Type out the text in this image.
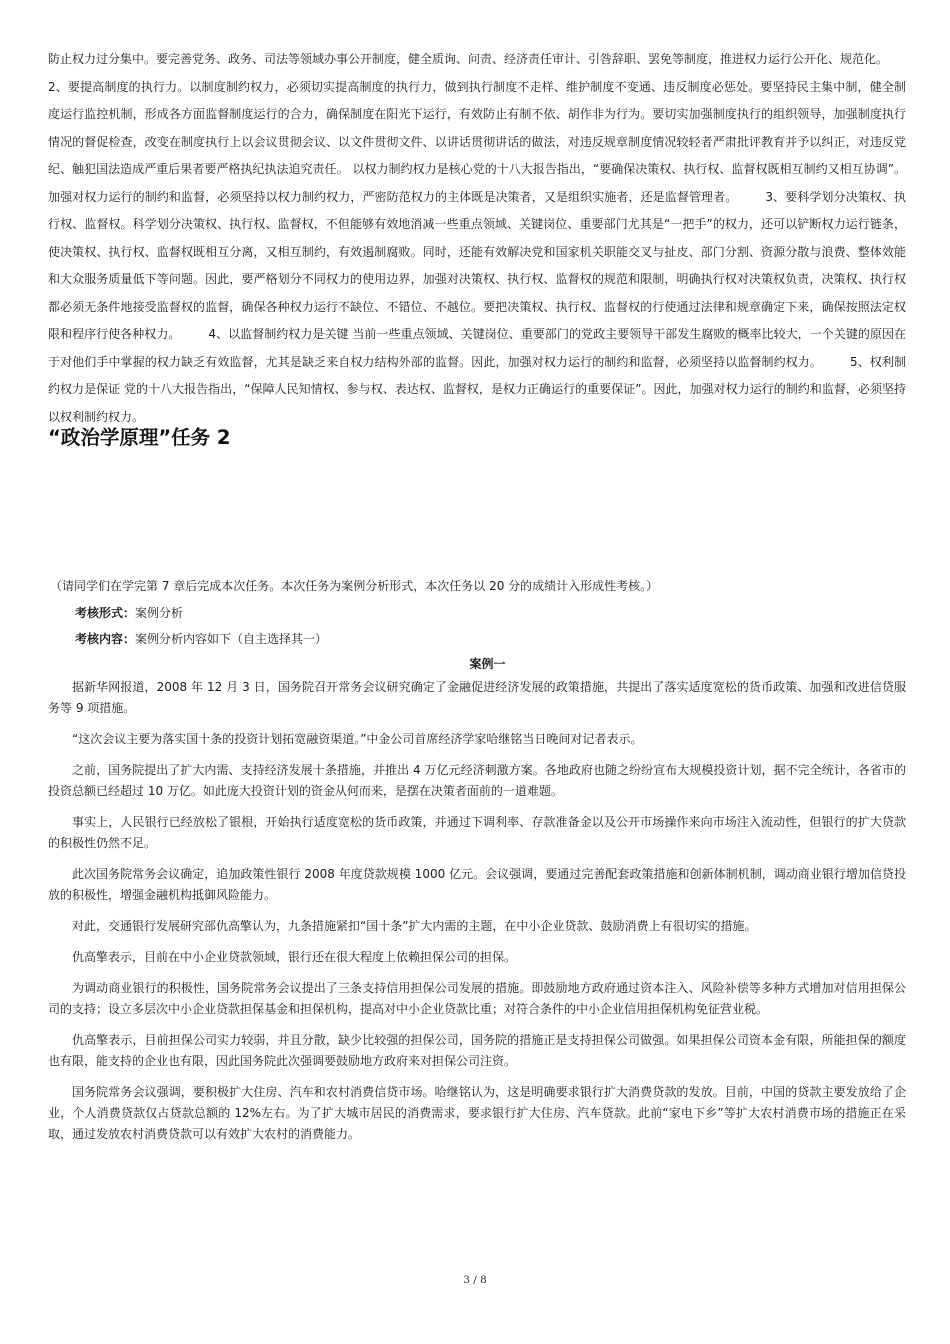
防止权力过分集中。要完善党务、政务、司法等领域办事公开制度，健全质询、问责、经济责任审计、引咎辞职、罢免等制度，推进权力运行公开化、规范化。
2、要提高制度的执行力。以制度制约权力，必须切实提高制度的执行力，做到执行制度不走样、维护制度不变通、违反制度必惩处。要坚持民主集中制，健全制度运行监控机制，形成各方面监督制度运行的合力，确保制度在阳光下运行，有效防止有制不依、胡作非为行为。要切实加强制度执行的组织领导，加强制度执行情况的督促检查，改变在制度执行上以会议贯彻会议、以文件贯彻文件、以讲话贯彻讲话的做法，对违反规章制度情况较轻者严肃批评教育并予以纠正，对违反党纪、触犯国法造成严重后果者要严格执纪执法追究责任。 以权力制约权力是核心党的十八大报告指出，“要确保决策权、执行权、监督权既相互制约又相互协调”。加强对权力运行的制约和监督，必须坚持以权力制约权力，严密防范权力的主体既是决策者，又是组织实施者，还是监督管理者。 3、要科学划分决策权、执行权、监督权。科学划分决策权、执行权、监督权，不但能够有效地消减一些重点领域、关键岗位、重要部门尤其是“一把手”的权力，还可以铲断权力运行链条，使决策权、执行权、监督权既相互分离，又相互制约，有效遏制腐败。同时，还能有效解决党和国家机关职能交叉与扯皮、部门分割、资源分散与浪费、整体效能和大众服务质量低下等问题。因此，要严格划分不同权力的使用边界，加强对决策权、执行权、监督权的规范和限制，明确执行权对决策权负责，决策权、执行权都必须无条件地接受监督权的监督，确保各种权力运行不缺位、不错位、不越位。要把决策权、执行权、监督权的行使通过法律和规章确定下来，确保按照法定权限和程序行使各种权力。 4、以监督制约权力是关键 当前一些重点领域、关键岗位、重要部门的党政主要领导干部发生腐败的概率比较大，一个关键的原因在于对他们手中掌握的权力缺乏有效监督，尤其是缺乏来自权力结构外部的监督。因此，加强对权力运行的制约和监督，必须坚持以监督制约权力。 5、权利制约权力是保证 党的十八大报告指出，“保障人民知情权、参与权、表达权、监督权，是权力正确运行的重要保证”。因此，加强对权力运行的制约和监督，必须坚持以权利制约权力。
“政治学原理”任务 2
（请同学们在学完第 7 章后完成本次任务。本次任务为案例分析形式，本次任务以 20 分的成绩计入形成性考核。）
考核形式：案例分析
考核内容：案例分析内容如下（自主选择其一）
案例一

据新华网报道，2008 年 12 月 3 日，国务院召开常务会议研究确定了金融促进经济发展的政策措施，共提出了落实适度宽松的货币政策、加强和改进信贷服务等 9 项措施。

“这次会议主要为落实国十条的投资计划拓宽融资渠道。”中金公司首席经济学家哈继铭当日晚间对记者表示。

之前，国务院提出了扩大内需、支持经济发展十条措施，并推出 4 万亿元经济刺激方案。各地政府也随之纷纷宣布大规模投资计划，据不完全统计，各省市的投资总额已经超过 10 万亿。如此庞大投资计划的资金从何而来，是摆在决策者面前的一道难题。

事实上，人民银行已经放松了银根，开始执行适度宽松的货币政策，并通过下调利率、存款准备金以及公开市场操作来向市场注入流动性，但银行的扩大贷款的积极性仍然不足。

此次国务院常务会议确定，追加政策性银行 2008 年度贷款规模 1000 亿元。会议强调，要通过完善配套政策措施和创新体制机制，调动商业银行增加信贷投放的积极性，增强金融机构抵御风险能力。

对此，交通银行发展研究部仇高擎认为，九条措施紧扣“国十条”扩大内需的主题，在中小企业贷款、鼓励消费上有很切实的措施。

仇高擎表示，目前在中小企业贷款领域，银行还在很大程度上依赖担保公司的担保。

为调动商业银行的积极性，国务院常务会议提出了三条支持信用担保公司发展的措施。即鼓励地方政府通过资本注入、风险补偿等多种方式增加对信用担保公司的支持；设立多层次中小企业贷款担保基金和担保机构，提高对中小企业贷款比重；对符合条件的中小企业信用担保机构免征营业税。

仇高擎表示，目前担保公司实力较弱，并且分散，缺少比较强的担保公司，国务院的措施正是支持担保公司做强。如果担保公司资本金有限，所能担保的额度也有限，能支持的企业也有限，因此国务院此次强调要鼓励地方政府来对担保公司注资。

国务院常务会议强调，要积极扩大住房、汽车和农村消费信贷市场。哈继铭认为，这是明确要求银行扩大消费贷款的发放。目前，中国的贷款主要发放给了企业，个人消费贷款仅占贷款总额的 12%左右。为了扩大城市居民的消费需求，要求银行扩大住房、汽车贷款。此前“家电下乡”等扩大农村消费市场的措施正在采取，通过发放农村消费贷款可以有效扩大农村的消费能力。

3 / 8
